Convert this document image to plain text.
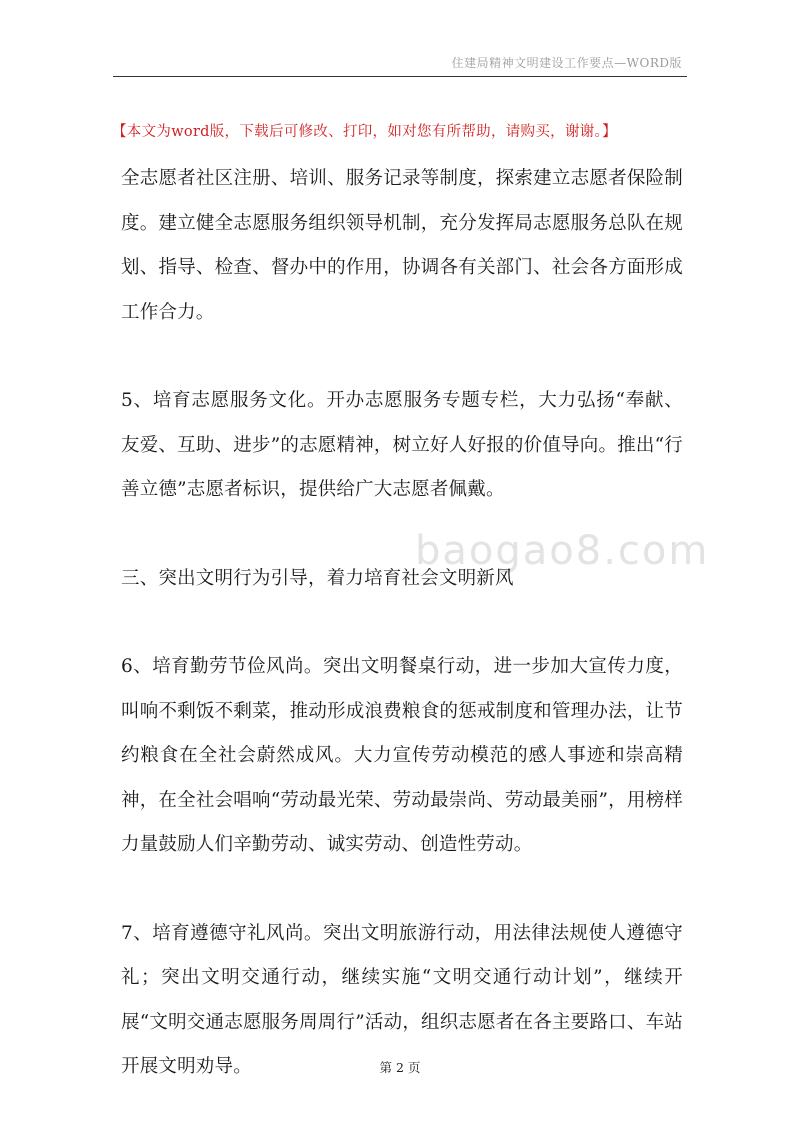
住建局精神文明建设工作要点—WORD版
【本文为word版，下载后可修改、打印，如对您有所帮助，请购买，谢谢。】
baogao8.com

全志愿者社区注册、培训、服务记录等制度，探索建立志愿者保险制度。建立健全志愿服务组织领导机制，充分发挥局志愿服务总队在规划、指导、检查、督办中的作用，协调各有关部门、社会各方面形成工作合力。

5、培育志愿服务文化。开办志愿服务专题专栏，大力弘扬“奉献、友爱、互助、进步”的志愿精神，树立好人好报的价值导向。推出“行善立德”志愿者标识，提供给广大志愿者佩戴。

三、突出文明行为引导，着力培育社会文明新风

6、培育勤劳节俭风尚。突出文明餐桌行动，进一步加大宣传力度，叫响不剩饭不剩菜，推动形成浪费粮食的惩戒制度和管理办法，让节约粮食在全社会蔚然成风。大力宣传劳动模范的感人事迹和崇高精神，在全社会唱响“劳动最光荣、劳动最崇尚、劳动最美丽”，用榜样力量鼓励人们辛勤劳动、诚实劳动、创造性劳动。

7、培育遵德守礼风尚。突出文明旅游行动，用法律法规使人遵德守礼；突出文明交通行动，继续实施“文明交通行动计划”，继续开展“文明交通志愿服务周周行”活动，组织志愿者在各主要路口、车站开展文明劝导。	第 2 页
